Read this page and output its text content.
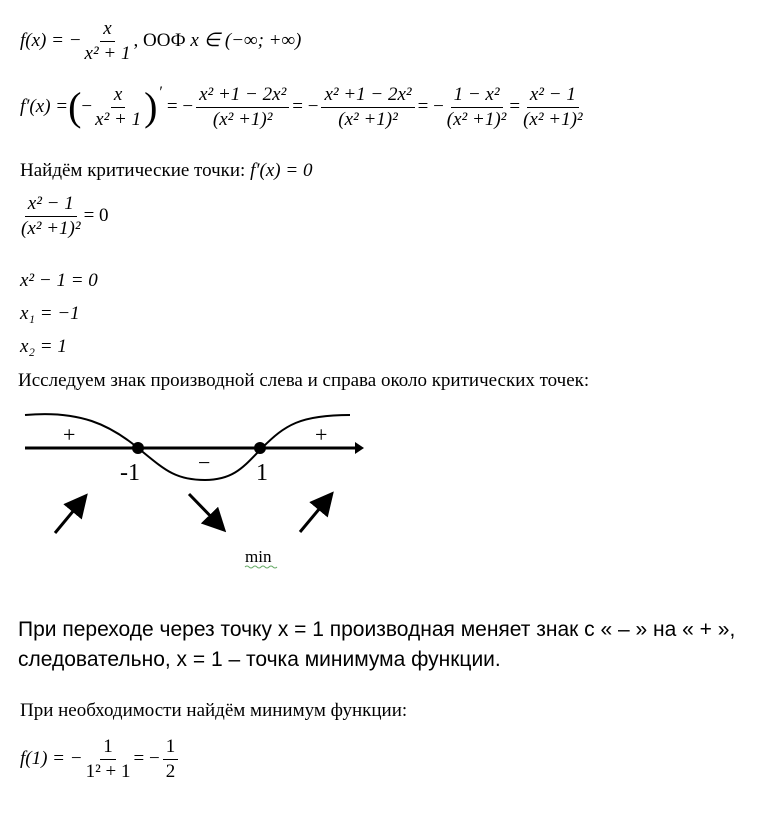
f(x) = − $\frac{x}{\text{x² + 1}}$ , ООФ
x ∈ (−∞; +∞)
f′(x) = ( − $\frac{x}{\text{x² + 1}}$ ) ′
= − $\frac{\text{x² +1 − 2x²}}{\text{(x² +1)²}}$ = − $\frac{\text{x² +1 − 2x²}}{\text{(x² +1)²}}$ = − $\frac{\text{1 − x²}}{\text{(x² +1)²}} = \frac{\text{x² − 1}}{\text{(x² +1)²}}$
Найдём критические точки: f′(x) = 0
$\frac{\text{x² − 1}}{\text{(x² +1)²}} = 0$
x² − 1 = 0
x₁ = −1
x₂ = 1
Исследуем знак производной слева и справа около критических точек:
+
−
+
-1	1
min
При переходе через точку x = 1 производная меняет знак с « – » на « + »,
следовательно, x = 1 – точка минимума функции.
При необходимости найдём минимум функции:
f(1) = − $\frac{1}{\text{1² + 1}}$ = − $\frac{1}{2}$
